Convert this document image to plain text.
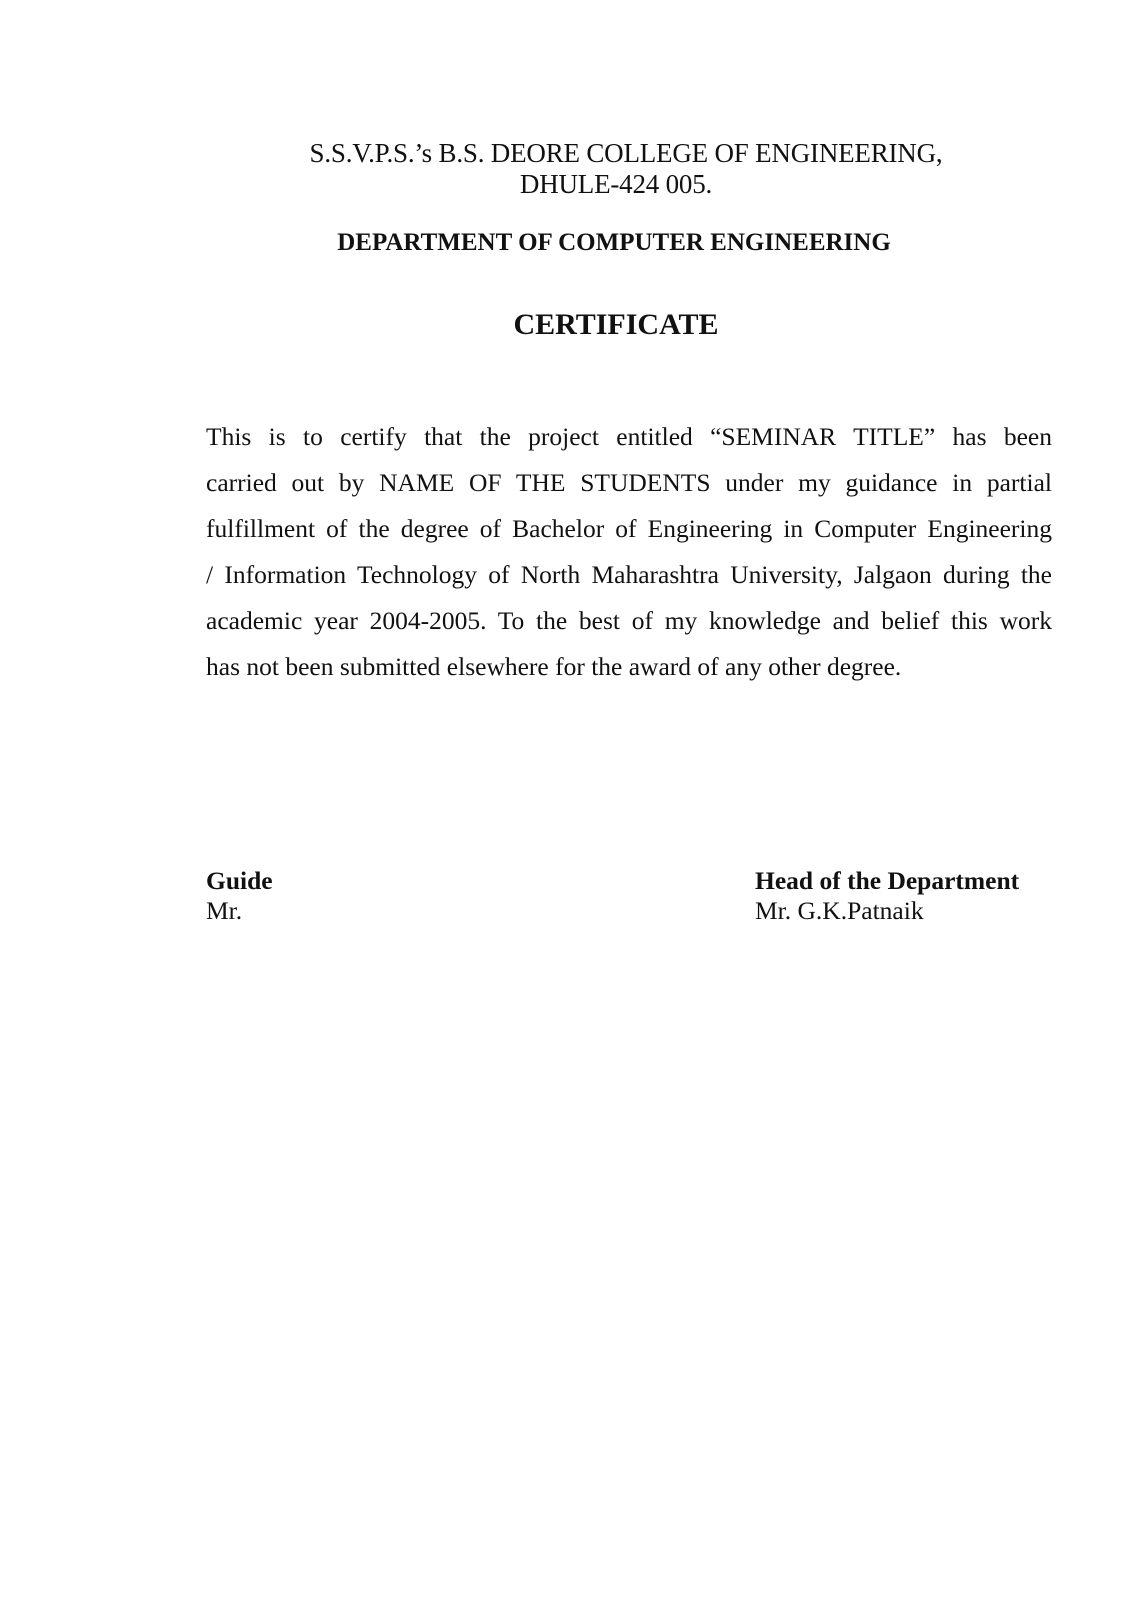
S.S.V.P.S.’s B.S. DEORE COLLEGE OF ENGINEERING,
DHULE-424 005.
DEPARTMENT OF COMPUTER ENGINEERING
CERTIFICATE
This is to certify that the project entitled “SEMINAR TITLE” has been
carried out by NAME OF THE STUDENTS under my guidance in partial
fulfillment of the degree of Bachelor of Engineering in Computer Engineering
/ Information Technology of North Maharashtra University, Jalgaon during the
academic year 2004-2005. To the best of my knowledge and belief this work
has not been submitted elsewhere for the award of any other degree.
Guide
Mr.
Head of the Department
Mr. G.K.Patnaik
